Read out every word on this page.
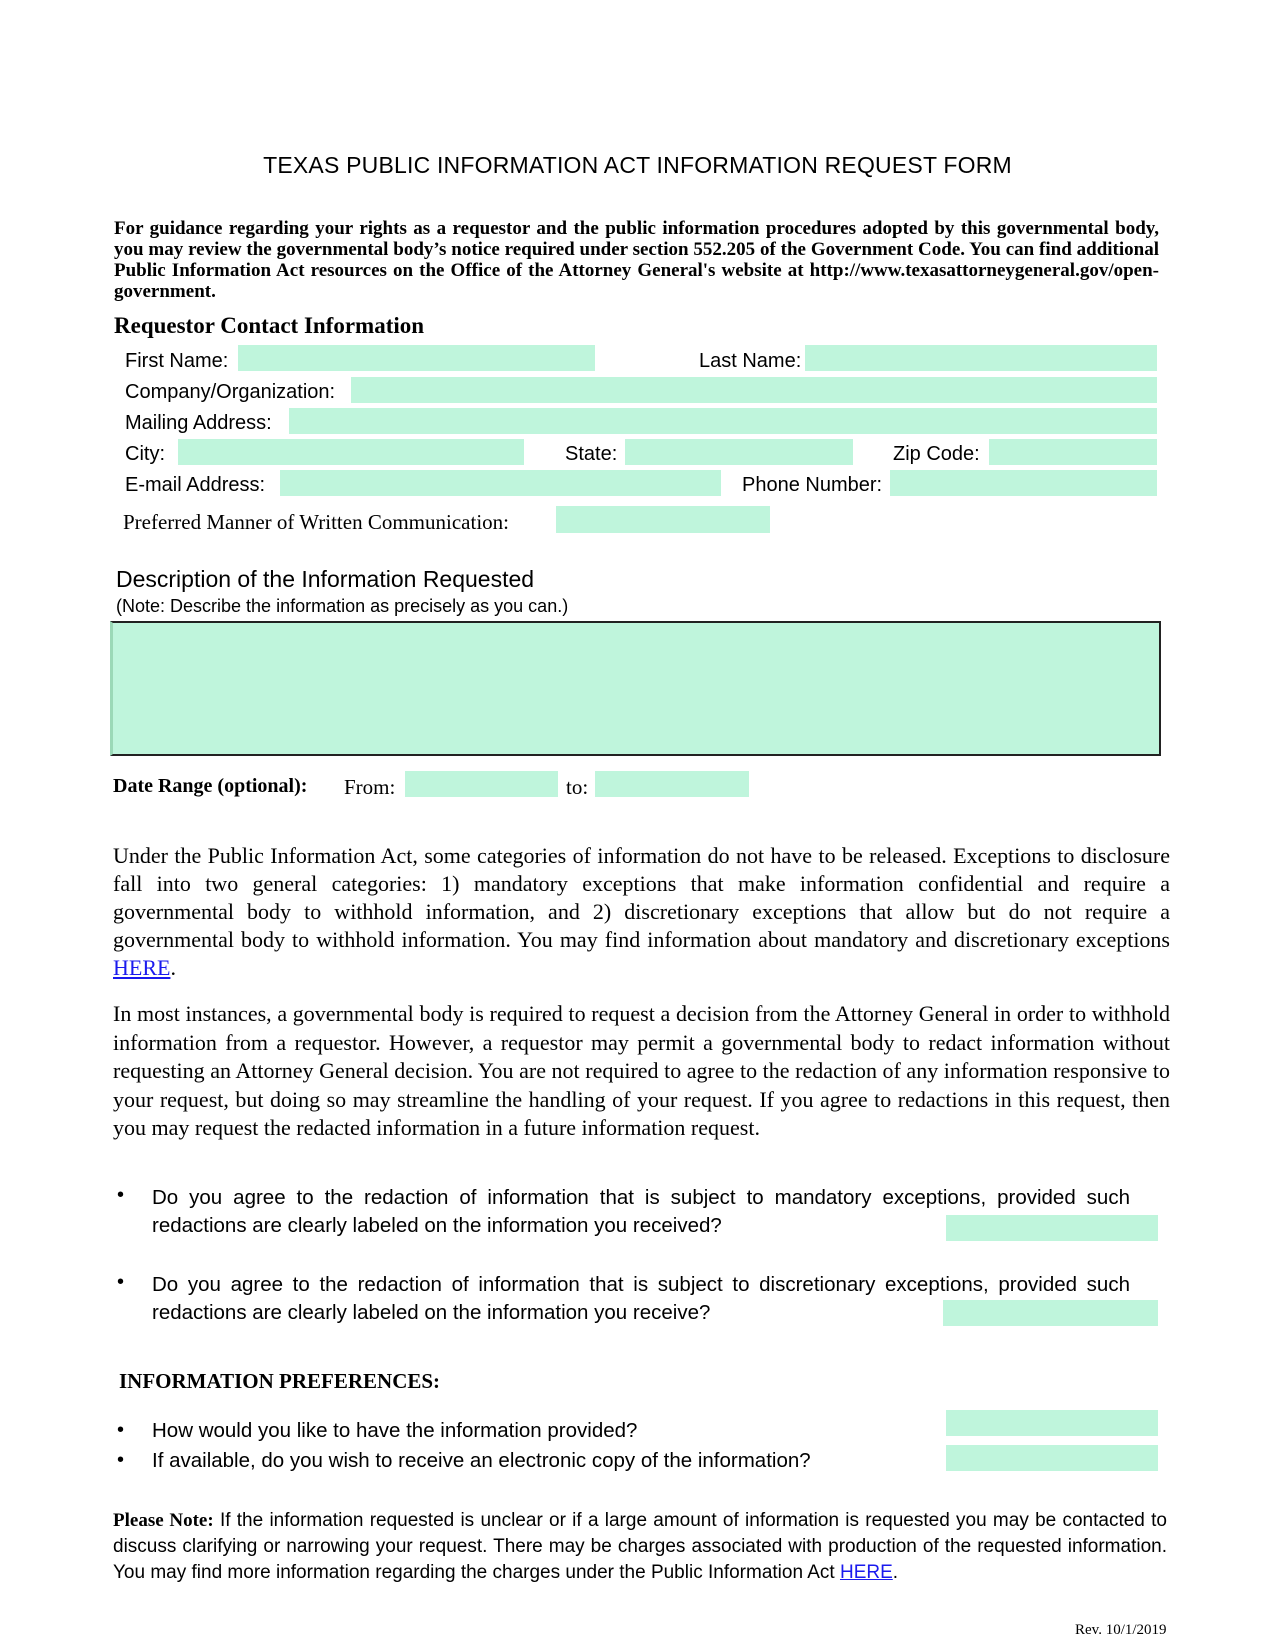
TEXAS PUBLIC INFORMATION ACT INFORMATION REQUEST FORM
For guidance regarding your rights as a requestor and the public information procedures adopted by this governmental body, you may review the governmental body’s notice required under section 552.205 of the Government Code. You can find additional Public Information Act resources on the Office of the Attorney General's website at http://www.texasattorneygeneral.gov/open-government.
Requestor Contact Information
First Name:	Last Name:
Company/Organization:
Mailing Address:
City:	State:	Zip Code:
E-mail Address:	Phone Number:
Preferred Manner of Written Communication:
Description of the Information Requested
(Note: Describe the information as precisely as you can.)
Date Range (optional): From:	to:
Under the Public Information Act, some categories of information do not have to be released. Exceptions to disclosure fall into two general categories: 1) mandatory exceptions that make information confidential and require a governmental body to withhold information, and 2) discretionary exceptions that allow but do not require a governmental body to withhold information. You may find information about mandatory and discretionary exceptions HERE.
In most instances, a governmental body is required to request a decision from the Attorney General in order to withhold information from a requestor. However, a requestor may permit a governmental body to redact information without requesting an Attorney General decision. You are not required to agree to the redaction of any information responsive to your request, but doing so may streamline the handling of your request. If you agree to redactions in this request, then you may request the redacted information in a future information request.
• Do you agree to the redaction of information that is subject to mandatory exceptions, provided such redactions are clearly labeled on the information you received?
• Do you agree to the redaction of information that is subject to discretionary exceptions, provided such redactions are clearly labeled on the information you receive?
INFORMATION PREFERENCES:
• How would you like to have the information provided?
• If available, do you wish to receive an electronic copy of the information?
Please Note: If the information requested is unclear or if a large amount of information is requested you may be contacted to discuss clarifying or narrowing your request. There may be charges associated with production of the requested information. You may find more information regarding the charges under the Public Information Act HERE.
Rev. 10/1/2019
